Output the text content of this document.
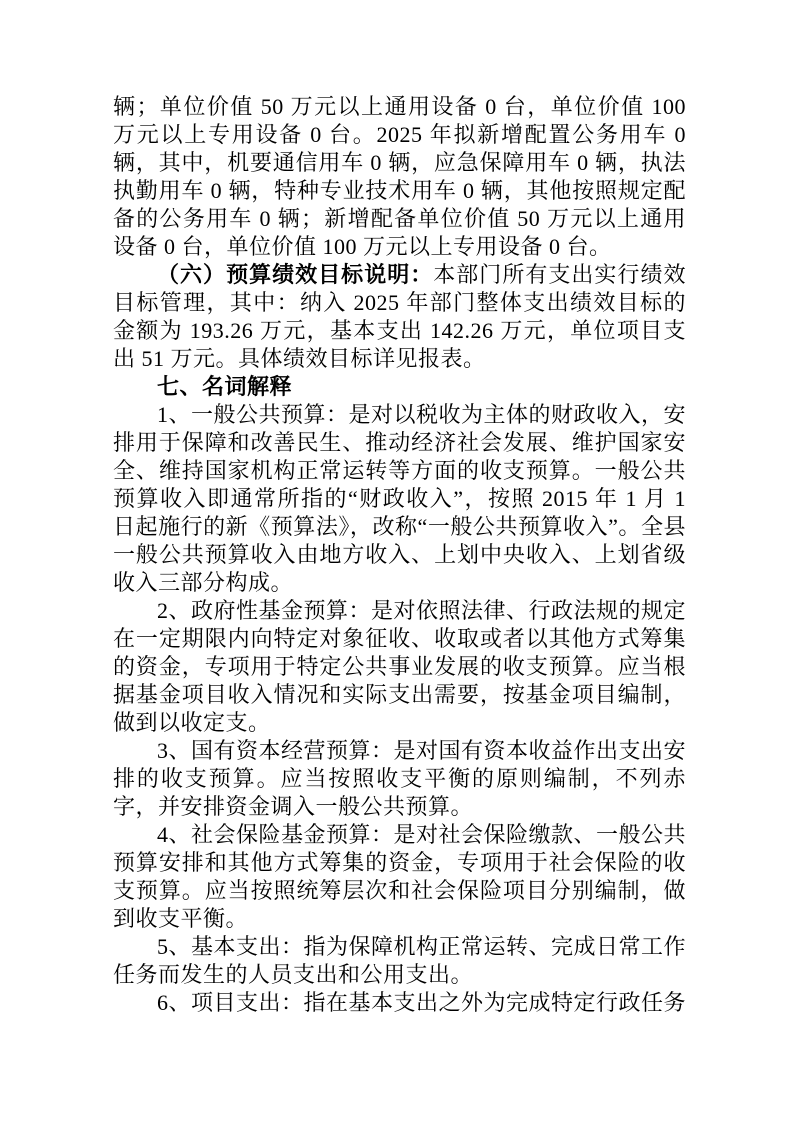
辆；单位价值 50 万元以上通用设备 0 台，单位价值 100 万元以上专用设备 0 台。2025 年拟新增配置公务用车 0 辆，其中，机要通信用车 0 辆，应急保障用车 0 辆，执法执勤用车 0 辆，特种专业技术用车 0 辆，其他按照规定配备的公务用车 0 辆；新增配备单位价值 50 万元以上通用设备 0 台，单位价值 100 万元以上专用设备 0 台。

（六）预算绩效目标说明：本部门所有支出实行绩效目标管理，其中：纳入 2025 年部门整体支出绩效目标的金额为 193.26 万元，基本支出 142.26 万元，单位项目支出 51 万元。具体绩效目标详见报表。

七、名词解释

1、一般公共预算：是对以税收为主体的财政收入，安排用于保障和改善民生、推动经济社会发展、维护国家安全、维持国家机构正常运转等方面的收支预算。一般公共预算收入即通常所指的“财政收入”，按照 2015 年 1 月 1 日起施行的新《预算法》，改称“一般公共预算收入”。全县一般公共预算收入由地方收入、上划中央收入、上划省级收入三部分构成。

2、政府性基金预算：是对依照法律、行政法规的规定在一定期限内向特定对象征收、收取或者以其他方式筹集的资金，专项用于特定公共事业发展的收支预算。应当根据基金项目收入情况和实际支出需要，按基金项目编制，做到以收定支。

3、国有资本经营预算：是对国有资本收益作出支出安排的收支预算。应当按照收支平衡的原则编制，不列赤字，并安排资金调入一般公共预算。

4、社会保险基金预算：是对社会保险缴款、一般公共预算安排和其他方式筹集的资金，专项用于社会保险的收支预算。应当按照统筹层次和社会保险项目分别编制，做到收支平衡。

5、基本支出：指为保障机构正常运转、完成日常工作任务而发生的人员支出和公用支出。

6、项目支出：指在基本支出之外为完成特定行政任务
